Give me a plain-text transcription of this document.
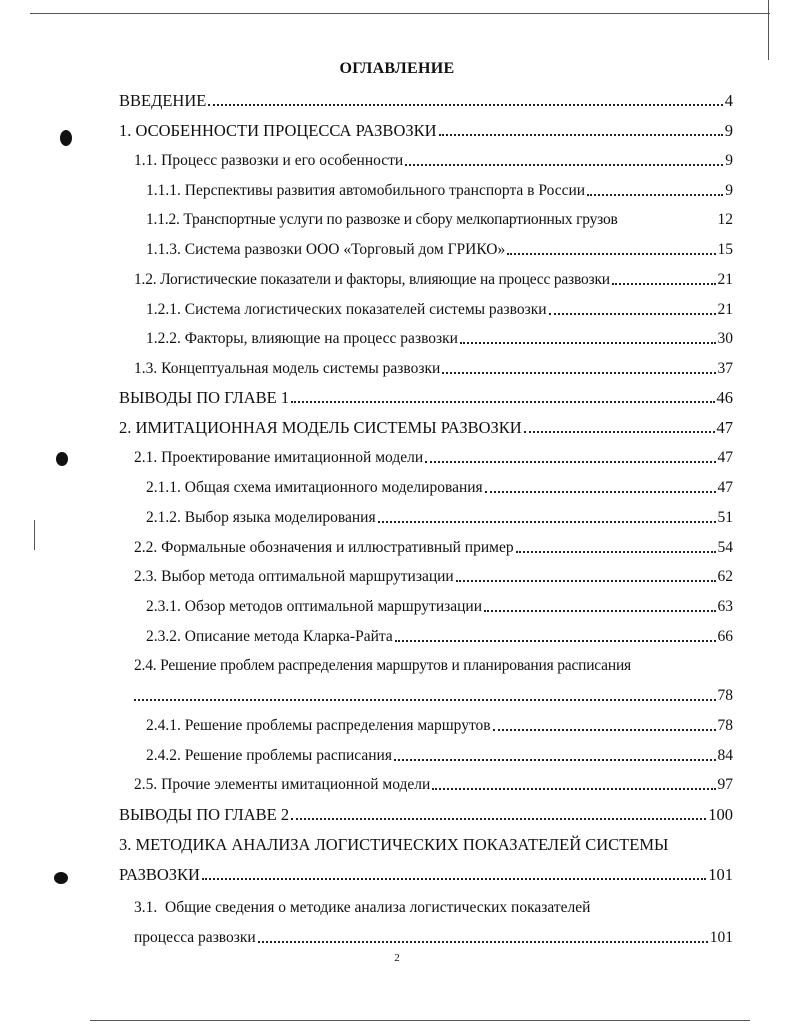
ОГЛАВЛЕНИЕ
ВВЕДЕНИЕ	4
1. ОСОБЕННОСТИ ПРОЦЕССА РАЗВОЗКИ	9
1.1. Процесс развозки и его особенности	9
1.1.1. Перспективы развития автомобильного транспорта в России	9
1.1.2. Транспортные услуги по развозке и сбору мелкопартионных грузов	12
1.1.3. Система развозки ООО «Торговый дом ГРИКО»	15
1.2. Логистические показатели и факторы, влияющие на процесс развозки	21
1.2.1. Система логистических показателей системы развозки	21
1.2.2. Факторы, влияющие на процесс развозки	30
1.3. Концептуальная модель системы развозки	37
ВЫВОДЫ ПО ГЛАВЕ 1	46
2. ИМИТАЦИОННАЯ МОДЕЛЬ СИСТЕМЫ РАЗВОЗКИ	47
2.1. Проектирование имитационной модели	47
2.1.1. Общая схема имитационного моделирования	47
2.1.2. Выбор языка моделирования	51
2.2. Формальные обозначения и иллюстративный пример	54
2.3. Выбор метода оптимальной маршрутизации	62
2.3.1. Обзор методов оптимальной маршрутизации	63
2.3.2. Описание метода Кларка-Райта	66
2.4. Решение проблем распределения маршрутов и планирования расписания
78
2.4.1. Решение проблемы распределения маршрутов	78
2.4.2. Решение проблемы расписания	84
2.5. Прочие элементы имитационной модели	97
ВЫВОДЫ ПО ГЛАВЕ 2	100
3. МЕТОДИКА АНАЛИЗА ЛОГИСТИЧЕСКИХ ПОКАЗАТЕЛЕЙ СИСТЕМЫ
РАЗВОЗКИ	101
3.1.  Общие сведения о методике анализа логистических показателей
процесса развозки	101
2
